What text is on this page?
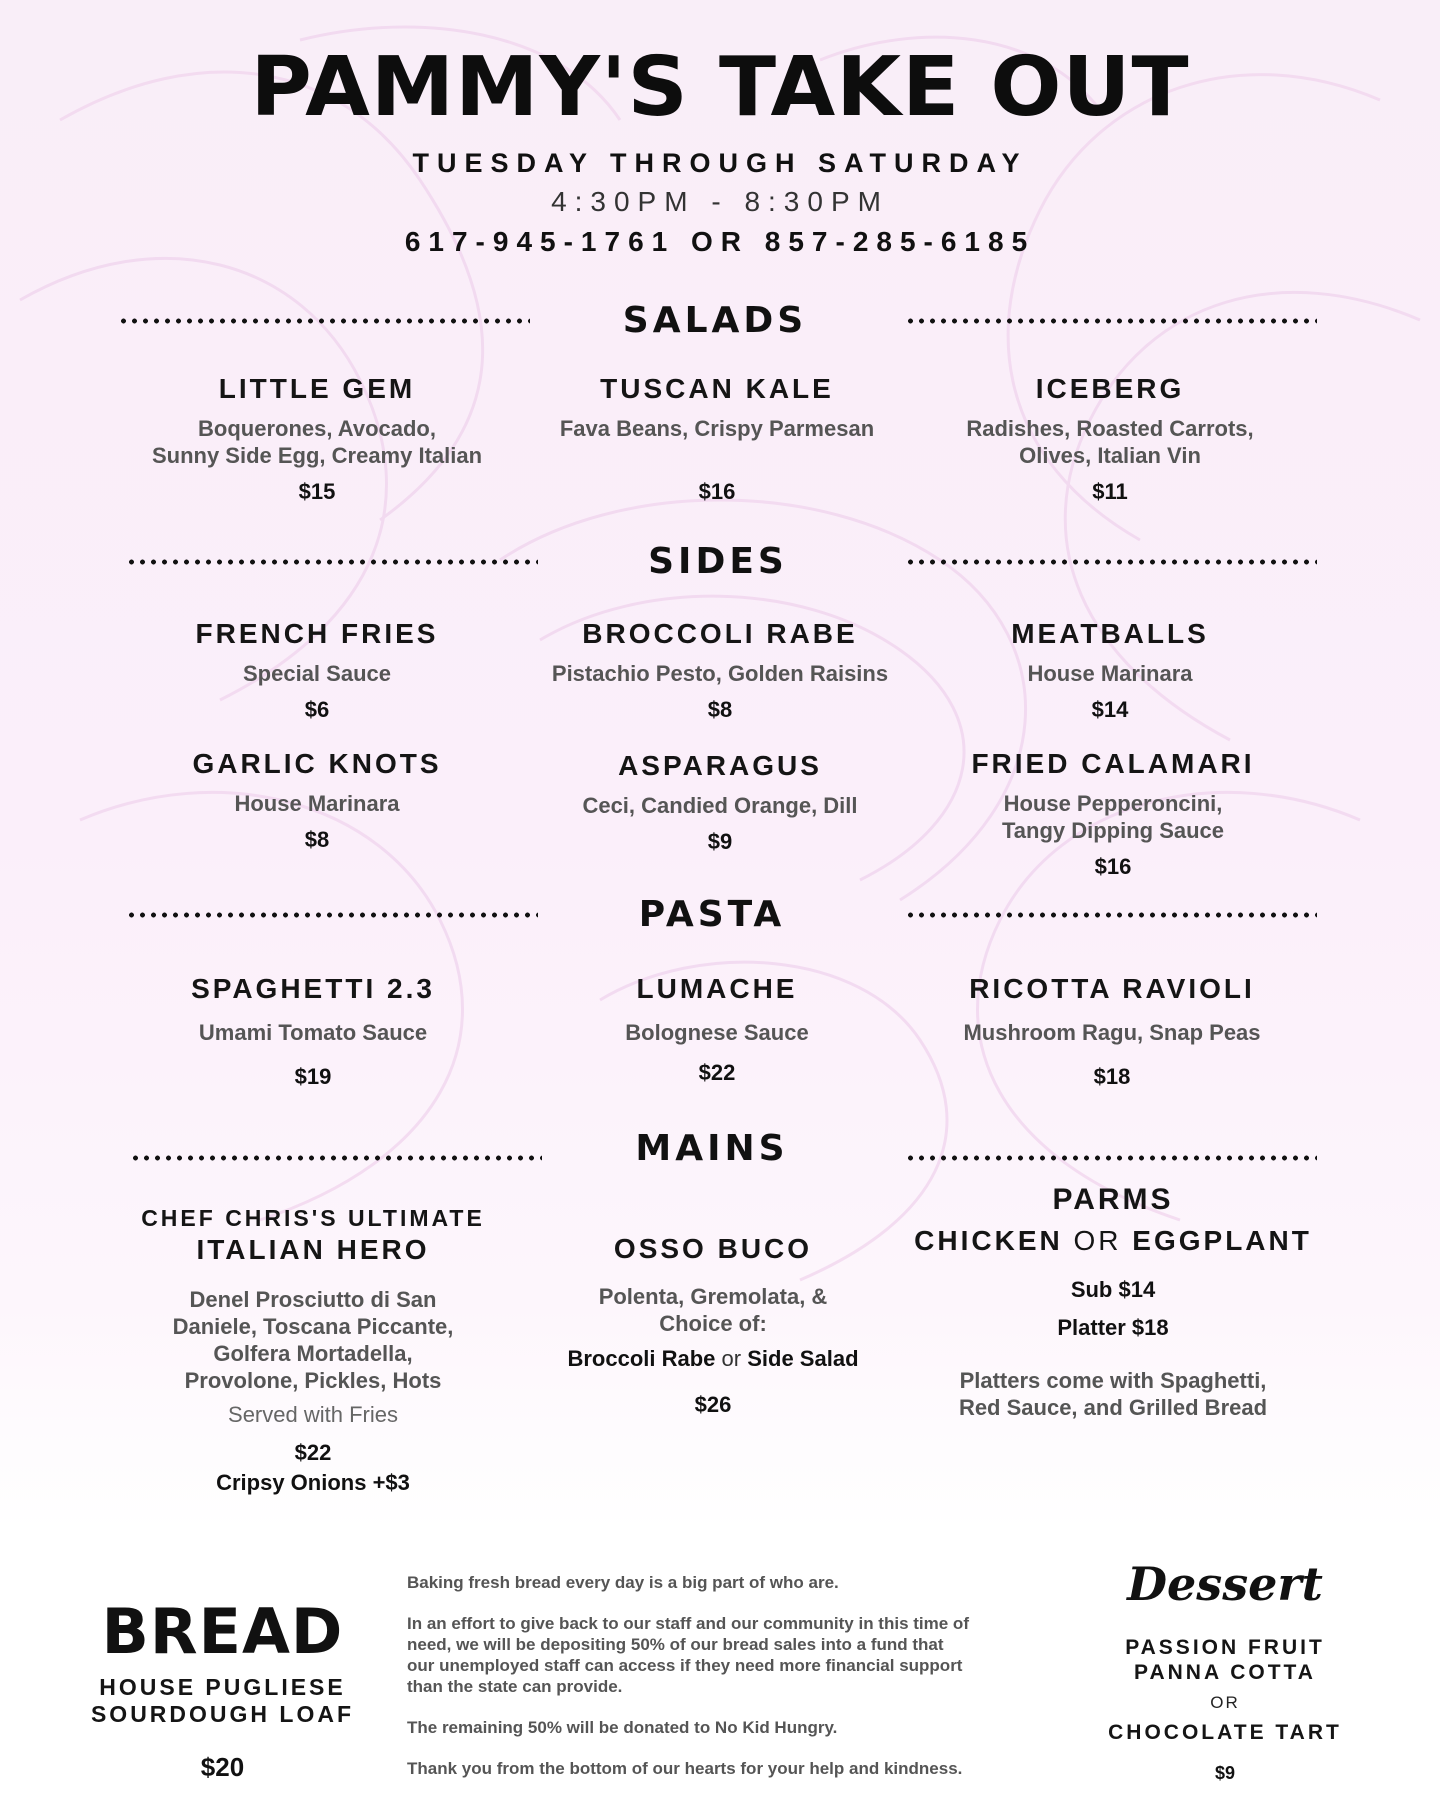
PAMMY'S TAKE OUT
TUESDAY THROUGH SATURDAY
4:30PM - 8:30PM
617-945-1761 OR 857-285-6185
SALADS
LITTLE GEM
Boquerones, Avocado,
Sunny Side Egg, Creamy Italian
$15
TUSCAN KALE
Fava Beans, Crispy Parmesan
$16
ICEBERG
Radishes, Roasted Carrots,
Olives, Italian Vin
$11
SIDES
FRENCH FRIES
Special Sauce
$6
BROCCOLI RABE
Pistachio Pesto, Golden Raisins
$8
MEATBALLS
House Marinara
$14
GARLIC KNOTS
House Marinara
$8
ASPARAGUS
Ceci, Candied Orange, Dill
$9
FRIED CALAMARI
House Pepperoncini,
Tangy Dipping Sauce
$16
PASTA
SPAGHETTI 2.3
Umami Tomato Sauce
$19
LUMACHE
Bolognese Sauce
$22
RICOTTA RAVIOLI
Mushroom Ragu, Snap Peas
$18
MAINS
CHEF CHRIS'S ULTIMATE
ITALIAN HERO
Denel Prosciutto di San
Daniele, Toscana Piccante,
Golfera Mortadella,
Provolone, Pickles, Hots
Served with Fries
$22
Cripsy Onions +$3
OSSO BUCO
Polenta, Gremolata, &
Choice of:
Broccoli Rabe or Side Salad
$26
PARMS
CHICKEN OR EGGPLANT
Sub $14
Platter $18
Platters come with Spaghetti,
Red Sauce, and Grilled Bread
BREAD
HOUSE PUGLIESE
SOURDOUGH LOAF
$20
Baking fresh bread every day is a big part of who are.
In an effort to give back to our staff and our community in this time of
need, we will be depositing 50% of our bread sales into a fund that
our unemployed staff can access if they need more financial support
than the state can provide.
The remaining 50% will be donated to No Kid Hungry.
Thank you from the bottom of our hearts for your help and kindness.
Dessert
PASSION FRUIT
PANNA COTTA
OR
CHOCOLATE TART
$9
